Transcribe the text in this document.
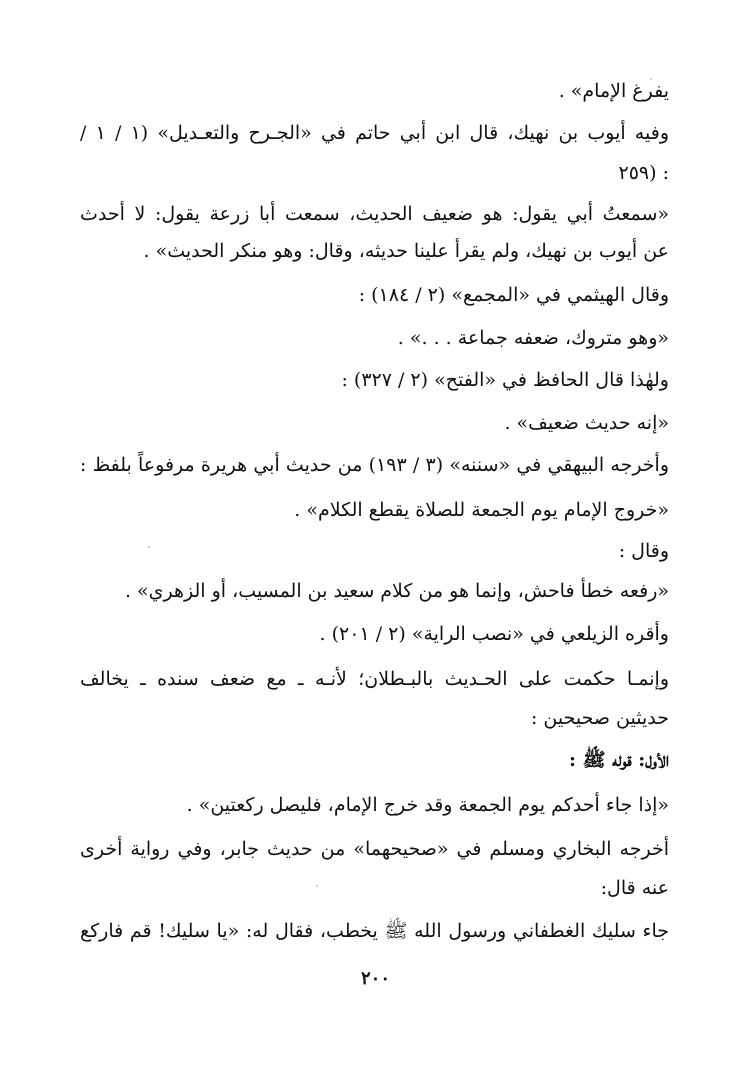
يفرغ الإمام» .
وفيه أيوب بن نهيك، قال ابن أبي حاتم في «الجـرح والتعـديل» (١ / ١ /
٢٥٩) :
«سمعتُ أبي يقول: هو ضعيف الحديث، سمعت أبا زرعة يقول: لا أحدث
عن أيوب بن نهيك، ولم يقرأ علينا حديثه، وقال: وهو منكر الحديث» .
وقال الهيثمي في «المجمع» (٢ / ١٨٤) :
«وهو متروك، ضعفه جماعة . . .» .
ولهٰذا قال الحافظ في «الفتح» (٢ / ٣٢٧) :
«إنه حديث ضعيف» .
وأخرجه البيهقي في «سننه» (٣ / ١٩٣) من حديث أبي هريرة مرفوعاً بلفظ :
«خروج الإمام يوم الجمعة للصلاة يقطع الكلام» .
وقال :
«رفعه خطأ فاحش، وإنما هو من كلام سعيد بن المسيب، أو الزهري» .
وأقره الزيلعي في «نصب الراية» (٢ / ٢٠١) .
وإنمـا حكمت على الحـديث بالبـطلان؛ لأنـه ـ مع ضعف سنده ـ يخالف
حديثين صحيحين :
الأول: قوله ﷺ :
«إذا جاء أحدكم يوم الجمعة وقد خرج الإمام، فليصل ركعتين» .
أخرجه البخاري ومسلم في «صحيحهما» من حديث جابر، وفي رواية أخرى
عنه قال:
جاء سليك الغطفاني ورسول الله ﷺ يخطب، فقال له: «يا سليك! قم فاركع
٢٠٠
